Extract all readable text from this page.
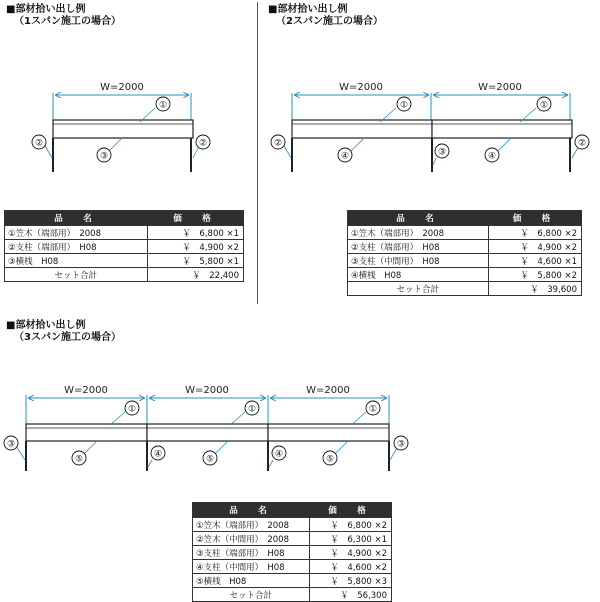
■部材拾い出し例
（1スパン施工の場合）
■部材拾い出し例
（2スパン施工の場合）
■部材拾い出し例
（3スパン施工の場合）
W=2000
①
②	②
③
W=2000	W=2000
①	①
②	②
③
④	④
W=2000	W=2000	W=2000
①	①	①
③	③
④	④
⑤	⑤	⑤
品　名	価　格
①笠木（端部用）　2008	￥　6,800 ×1
②支柱（端部用）　H08	￥　4,900 ×2
③横桟　H08	￥　5,800 ×1
セット合計	￥　22,400
品　名	価　格
①笠木（端部用）　2008	￥　6,800 ×2
②支柱（端部用）　H08	￥　4,900 ×2
③支柱（中間用）　H08	￥　4,600 ×1
④横桟　H08	￥　5,800 ×2
セット合計	￥　39,600
品　名	価　格
①笠木（端部用）　2008	￥　6,800 ×2
②笠木（中間用）　2008	￥　6,300 ×1
③支柱（端部用）　H08	￥　4,900 ×2
④支柱（中間用）　H08	￥　4,600 ×2
⑤横桟　H08	￥　5,800 ×3
セット合計	￥　56,300
